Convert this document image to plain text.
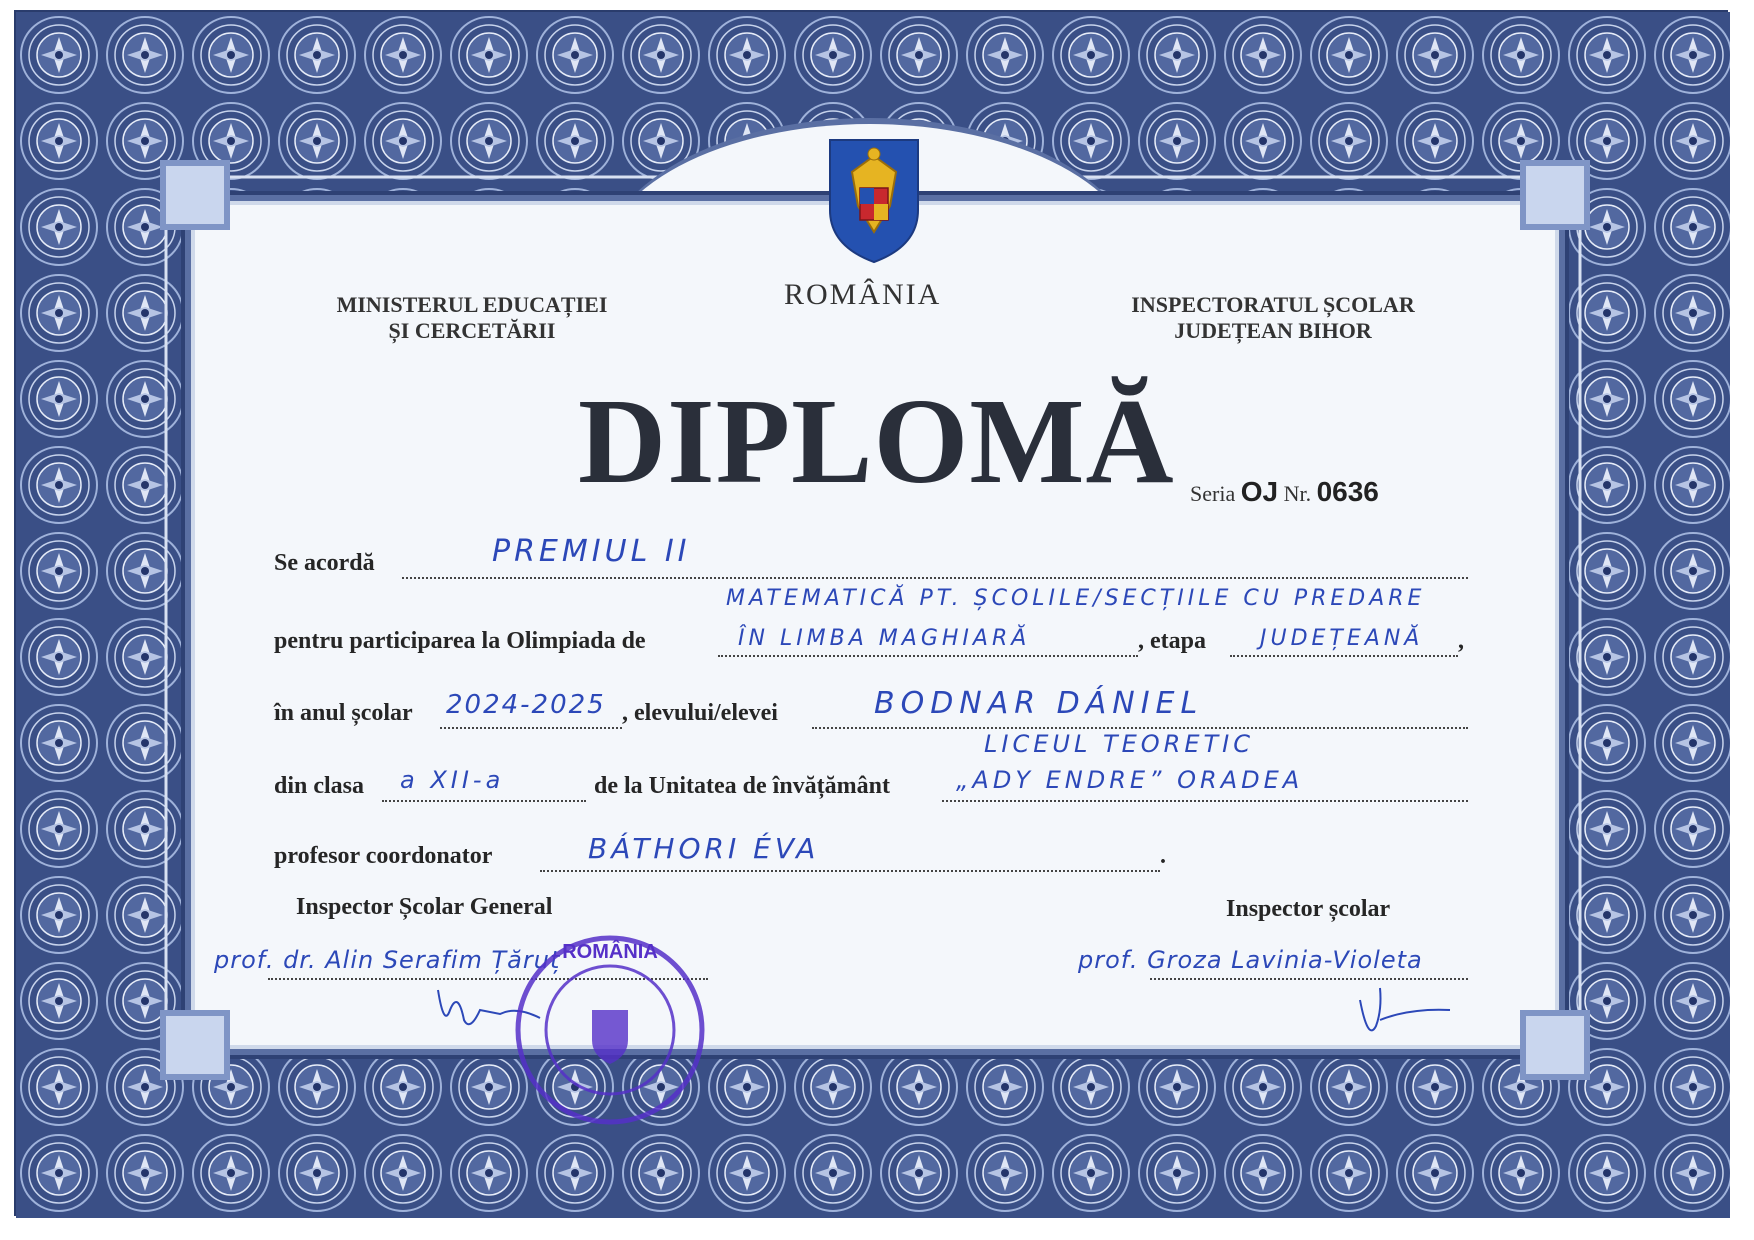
ROMÂNIA
MINISTERUL EDUCAȚIEI
ȘI CERCETĂRII
INSPECTORATUL ȘCOLAR
JUDEȚEAN BIHOR
DIPLOMĂ Seria OJ Nr. 0636
Se acordă	PREMIUL II
MATEMATICĂ PT. ȘCOLILE/SECȚIILE CU PREDARE
pentru participarea la Olimpiada de	ÎN LIMBA MAGHIARĂ	, etapa JUDEȚEANĂ ,
în anul școlar 2024-2025 , elevului/elevei	BODNAR DÁNIEL
LICEUL TEORETIC
din clasa a XII-a	de la Unitatea de învățământ	„ADY ENDRE” ORADEA
profesor coordonator	BÁTHORI ÉVA	.
Inspector Școlar General	Inspector școlar
prof. dr. Alin Serafim Țăruț	prof. Groza Lavinia-Violeta
ROMÂNIA
